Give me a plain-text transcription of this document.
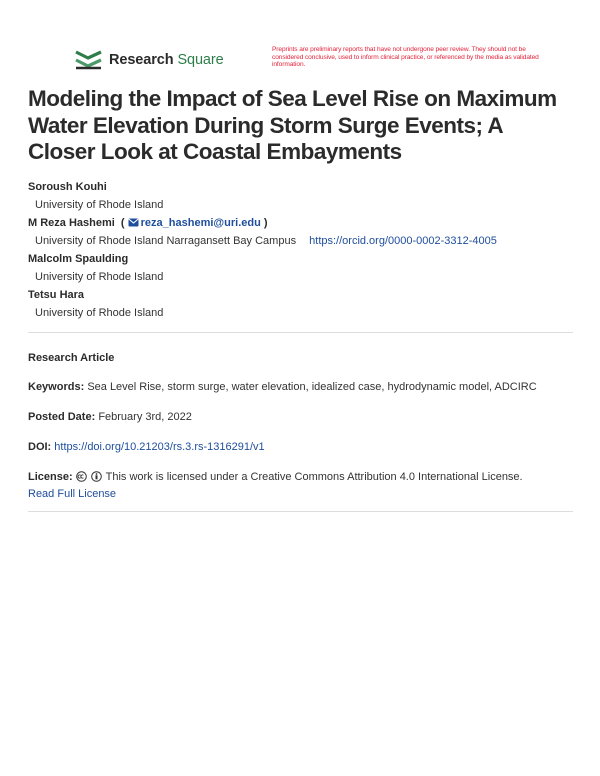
Research Square
Preprints are preliminary reports that have not undergone peer review. They should not be considered conclusive, used to inform clinical practice, or referenced by the media as validated information.
Modeling the Impact of Sea Level Rise on Maximum Water Elevation During Storm Surge Events; A Closer Look at Coastal Embayments
Soroush Kouhi
University of Rhode Island
M Reza Hashemi  ( reza_hashemi@uri.edu )
University of Rhode Island Narragansett Bay Campus https://orcid.org/0000-0002-3312-4005
Malcolm Spaulding
University of Rhode Island
Tetsu Hara
University of Rhode Island
Research Article
Keywords: Sea Level Rise, storm surge, water elevation, idealized case, hydrodynamic model, ADCIRC
Posted Date: February 3rd, 2022
DOI: https://doi.org/10.21203/rs.3.rs-1316291/v1
License:	This work is licensed under a Creative Commons Attribution 4.0 International License.
Read Full License
